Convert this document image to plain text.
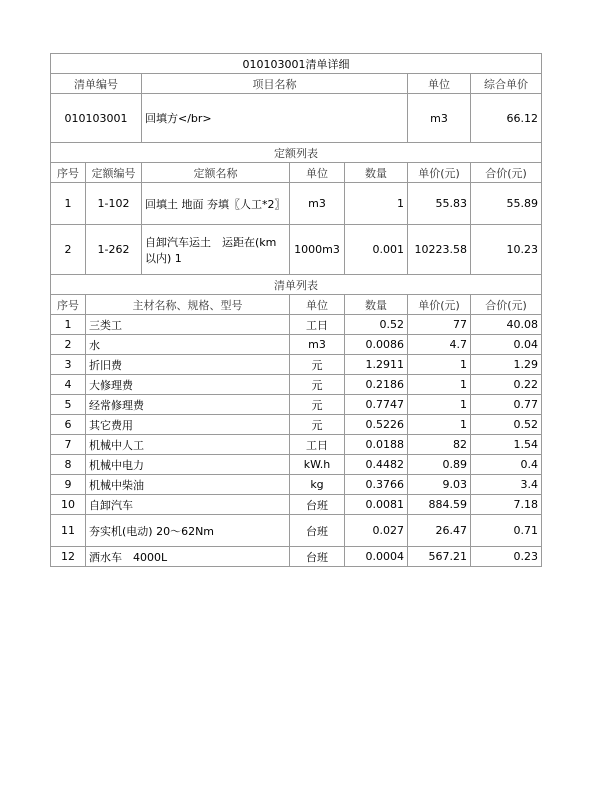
010103001清单详细						
清单编号		项目名称			单位	综合单价
010103001		回填方</br>			m3	66.12
定额列表						
序号	定额编号	定额名称	单位	数量	单价(元)	合价(元)
1	1-102	回填土 地面 夯填〖人工*2〗	m3	1	55.83	55.89
2	1-262	自卸汽车运土　运距在(km以内) 1	1000m3	0.001	10223.58	10.23
清单列表						
序号	主材名称、规格、型号		单位	数量	单价(元)	合价(元)
1	三类工		工日	0.52	77	40.08
2	水		m3	0.0086	4.7	0.04
3	折旧费		元	1.2911	1	1.29
4	大修理费		元	0.2186	1	0.22
5	经常修理费		元	0.7747	1	0.77
6	其它费用		元	0.5226	1	0.52
7	机械中人工		工日	0.0188	82	1.54
8	机械中电力		kW.h	0.4482	0.89	0.4
9	机械中柴油		kg	0.3766	9.03	3.4
10	自卸汽车		台班	0.0081	884.59	7.18
11	夯实机(电动) 20～62Nm		台班	0.027	26.47	0.71
12	洒水车　4000L		台班	0.0004	567.21	0.23
